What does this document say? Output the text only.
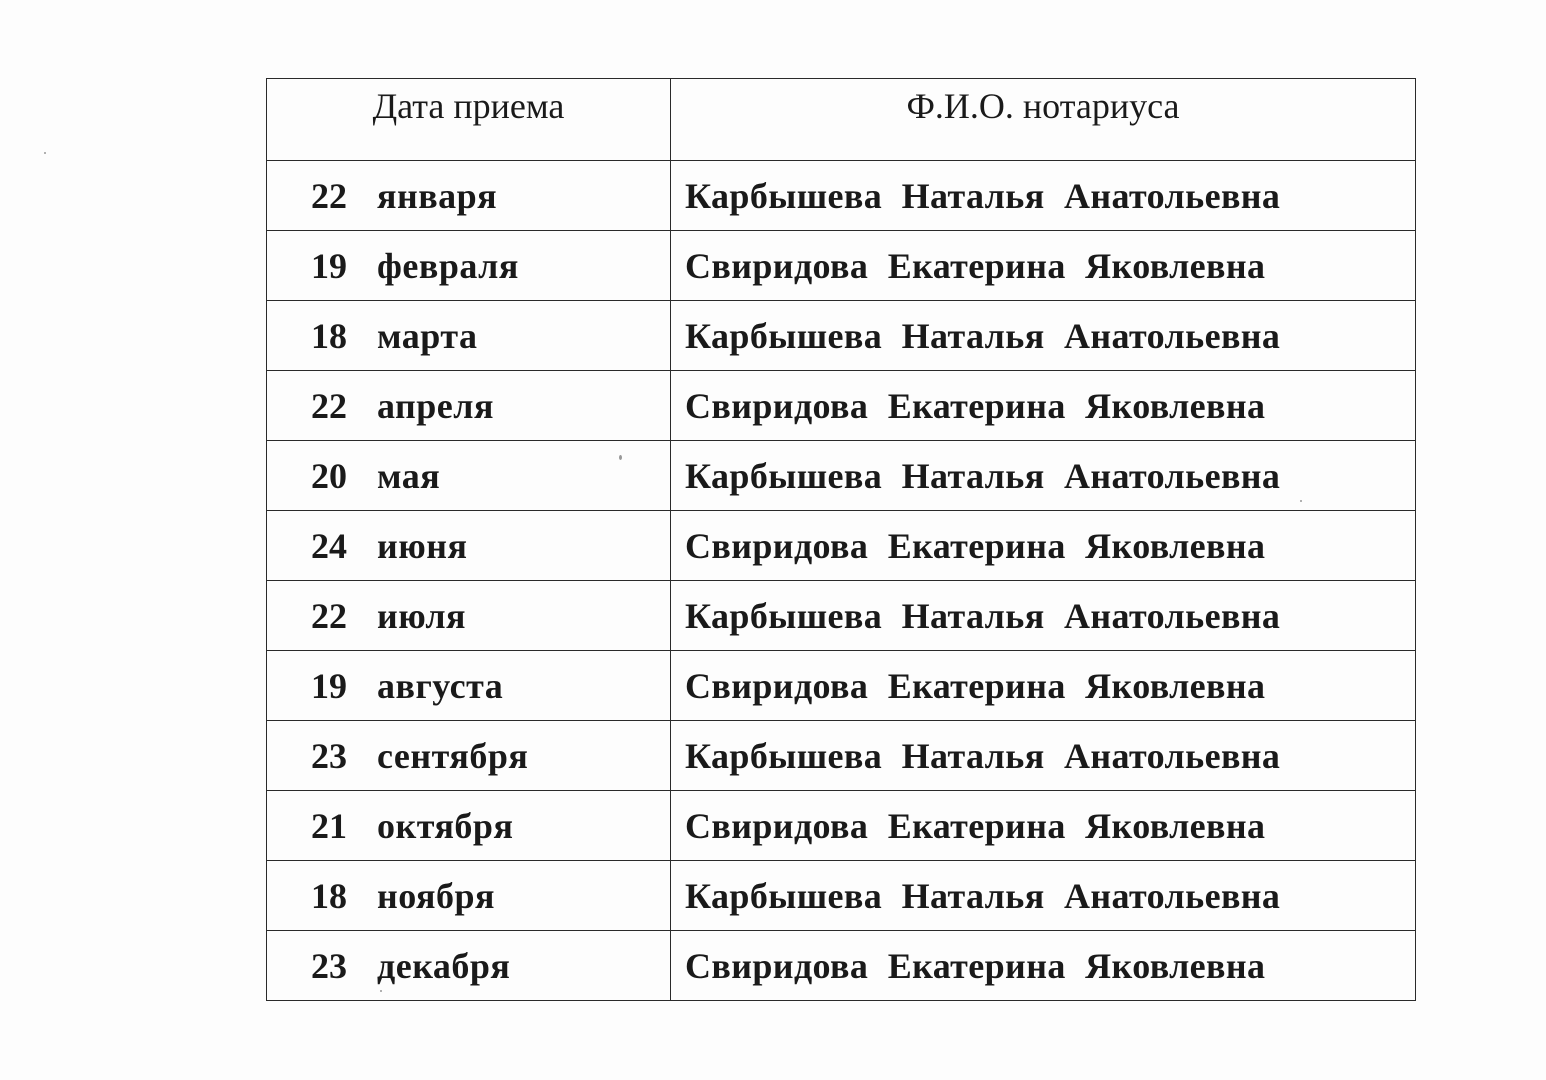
Дата приема	Ф.И.О. нотариуса
22 января	Карбышева Наталья Анатольевна
19 февраля	Свиридова Екатерина Яковлевна
18 марта	Карбышева Наталья Анатольевна
22 апреля	Свиридова Екатерина Яковлевна
20 мая	Карбышева Наталья Анатольевна
24 июня	Свиридова Екатерина Яковлевна
22 июля	Карбышева Наталья Анатольевна
19 августа	Свиридова Екатерина Яковлевна
23 сентября	Карбышева Наталья Анатольевна
21 октября	Свиридова Екатерина Яковлевна
18 ноября	Карбышева Наталья Анатольевна
23 декабря	Свиридова Екатерина Яковлевна
